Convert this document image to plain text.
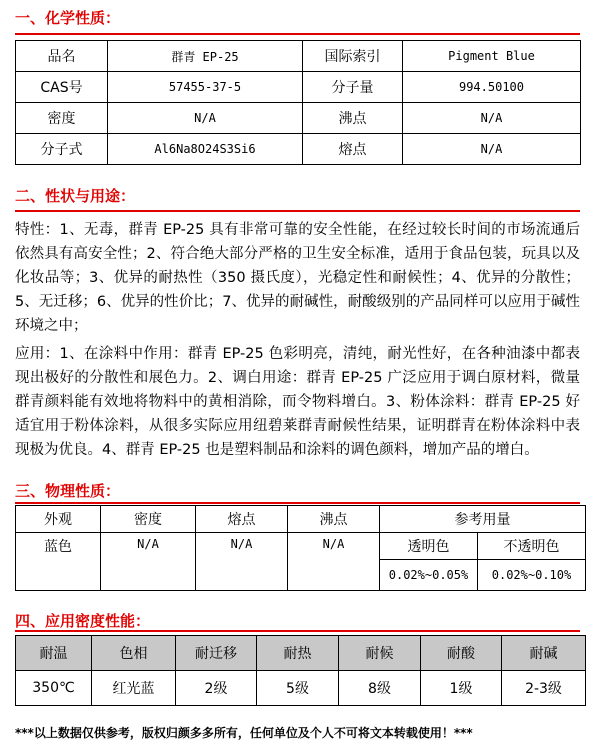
一、化学性质：
品名	群青 EP-25	国际索引	Pigment Blue
CAS号	57455-37-5	分子量	994.50100
密度	N/A	沸点	N/A
分子式	Al6Na8O24S3Si6	熔点	N/A
二、性状与用途：
特性：1、无毒，群青 EP-25 具有非常可靠的安全性能，在经过较长时间的市场流通后依然具有高安全性；2、符合绝大部分严格的卫生安全标准，适用于食品包装，玩具以及化妆品等；3、优异的耐热性（350 摄氏度），光稳定性和耐候性；4、优异的分散性；5、无迁移；6、优异的性价比；7、优异的耐碱性，耐酸级别的产品同样可以应用于碱性环境之中；
应用：1、在涂料中作用：群青 EP-25 色彩明亮，清纯，耐光性好，在各种油漆中都表现出极好的分散性和展色力。2、调白用途：群青 EP-25 广泛应用于调白原材料，微量群青颜料能有效地将物料中的黄相消除，而令物料增白。3、粉体涂料：群青 EP-25 好适宜用于粉体涂料，从很多实际应用纽碧莱群青耐候性结果，证明群青在粉体涂料中表现极为优良。4、群青 EP-25 也是塑料制品和涂料的调色颜料，增加产品的增白。
三、物理性质：
外观	密度	熔点	沸点	参考用量	
蓝色	N/A	N/A	N/A	透明色	不透明色
				0.02%~0.05%	0.02%~0.10%
四、应用密度性能：
耐温	色相	耐迁移	耐热	耐候	耐酸	耐碱
350℃	红光蓝	2级	5级	8级	1级	2-3级
***以上数据仅供参考，版权归颜多多所有，任何单位及个人不可将文本转载使用！***
